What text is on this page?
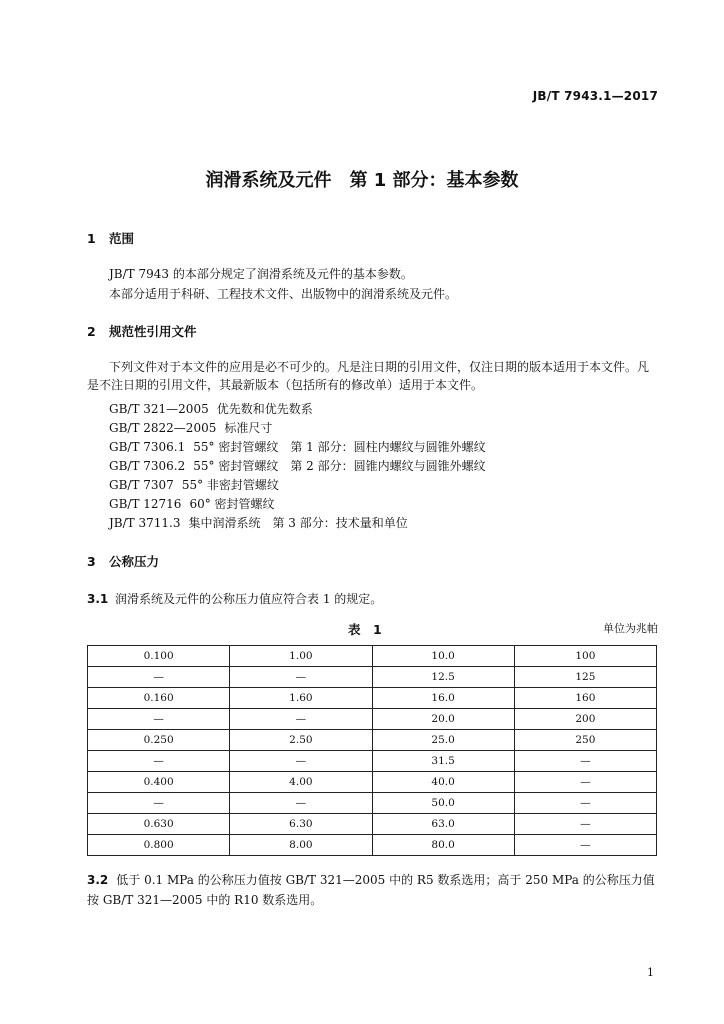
JB/T 7943.1—2017
润滑系统及元件　第 1 部分：基本参数
1 范围
JB/T 7943 的本部分规定了润滑系统及元件的基本参数。
本部分适用于科研、工程技术文件、出版物中的润滑系统及元件。
2 规范性引用文件
下列文件对于本文件的应用是必不可少的。凡是注日期的引用文件，仅注日期的版本适用于本文件。凡是不注日期的引用文件，其最新版本（包括所有的修改单）适用于本文件。
GB/T 321—2005 优先数和优先数系
GB/T 2822—2005 标准尺寸
GB/T 7306.1 55° 密封管螺纹　第 1 部分：圆柱内螺纹与圆锥外螺纹
GB/T 7306.2 55° 密封管螺纹　第 2 部分：圆锥内螺纹与圆锥外螺纹
GB/T 7307 55° 非密封管螺纹
GB/T 12716 60° 密封管螺纹
JB/T 3711.3 集中润滑系统　第 3 部分：技术量和单位
3 公称压力
3.1 润滑系统及元件的公称压力值应符合表 1 的规定。
表　1	单位为兆帕
0.100	1.00	10.0	100
—	—	12.5	125
0.160	1.60	16.0	160
—	—	20.0	200
0.250	2.50	25.0	250
—	—	31.5	—
0.400	4.00	40.0	—
—	—	50.0	—
0.630	6.30	63.0	—
0.800	8.00	80.0	—
3.2 低于 0.1 MPa 的公称压力值按 GB/T 321—2005 中的 R5 数系选用；高于 250 MPa 的公称压力值按 GB/T 321—2005 中的 R10 数系选用。
1
